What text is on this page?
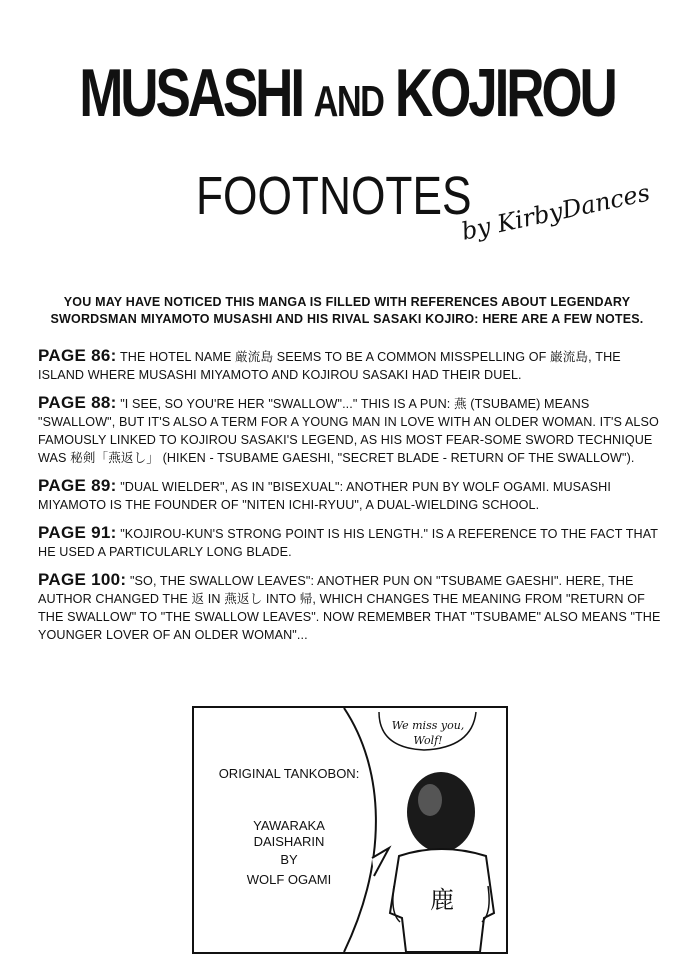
MUSASHI AND KOJIROU
FOOTNOTES
by KirbyDances
YOU MAY HAVE NOTICED THIS MANGA IS FILLED WITH REFERENCES ABOUT LEGENDARY SWORDSMAN MIYAMOTO MUSASHI AND HIS RIVAL SASAKI KOJIRO: HERE ARE A FEW NOTES.
PAGE 86: THE HOTEL NAME 厳流島 SEEMS TO BE A COMMON MISSPELLING OF 巌流島, THE ISLAND WHERE MUSASHI MIYAMOTO AND KOJIROU SASAKI HAD THEIR DUEL.
PAGE 88: "I SEE, SO YOU'RE HER "SWALLOW"..." THIS IS A PUN: 燕 (TSUBAME) MEANS "SWALLOW", BUT IT'S ALSO A TERM FOR A YOUNG MAN IN LOVE WITH AN OLDER WOMAN. IT'S ALSO FAMOUSLY LINKED TO KOJIROU SASAKI'S LEGEND, AS HIS MOST FEAR-SOME SWORD TECHNIQUE WAS 秘剣「燕返し」 (HIKEN - TSUBAME GAESHI, "SECRET BLADE - RETURN OF THE SWALLOW").
PAGE 89: "DUAL WIELDER", AS IN "BISEXUAL": ANOTHER PUN BY WOLF OGAMI. MUSASHI MIYAMOTO IS THE FOUNDER OF "NITEN ICHI-RYUU", A DUAL-WIELDING SCHOOL.
PAGE 91: "KOJIROU-KUN'S STRONG POINT IS HIS LENGTH." IS A REFERENCE TO THE FACT THAT HE USED A PARTICULARLY LONG BLADE.
PAGE 100: "SO, THE SWALLOW LEAVES": ANOTHER PUN ON "TSUBAME GAESHI". HERE, THE AUTHOR CHANGED THE 返 IN 燕返し INTO 帰, WHICH CHANGES THE MEANING FROM "RETURN OF THE SWALLOW" TO "THE SWALLOW LEAVES". NOW REMEMBER THAT "TSUBAME" ALSO MEANS "THE YOUNGER LOVER OF AN OLDER WOMAN"...
鹿
We miss you, Wolf!
ORIGINAL TANKOBON:
YAWARAKA
DAISHARIN
BY
WOLF OGAMI
